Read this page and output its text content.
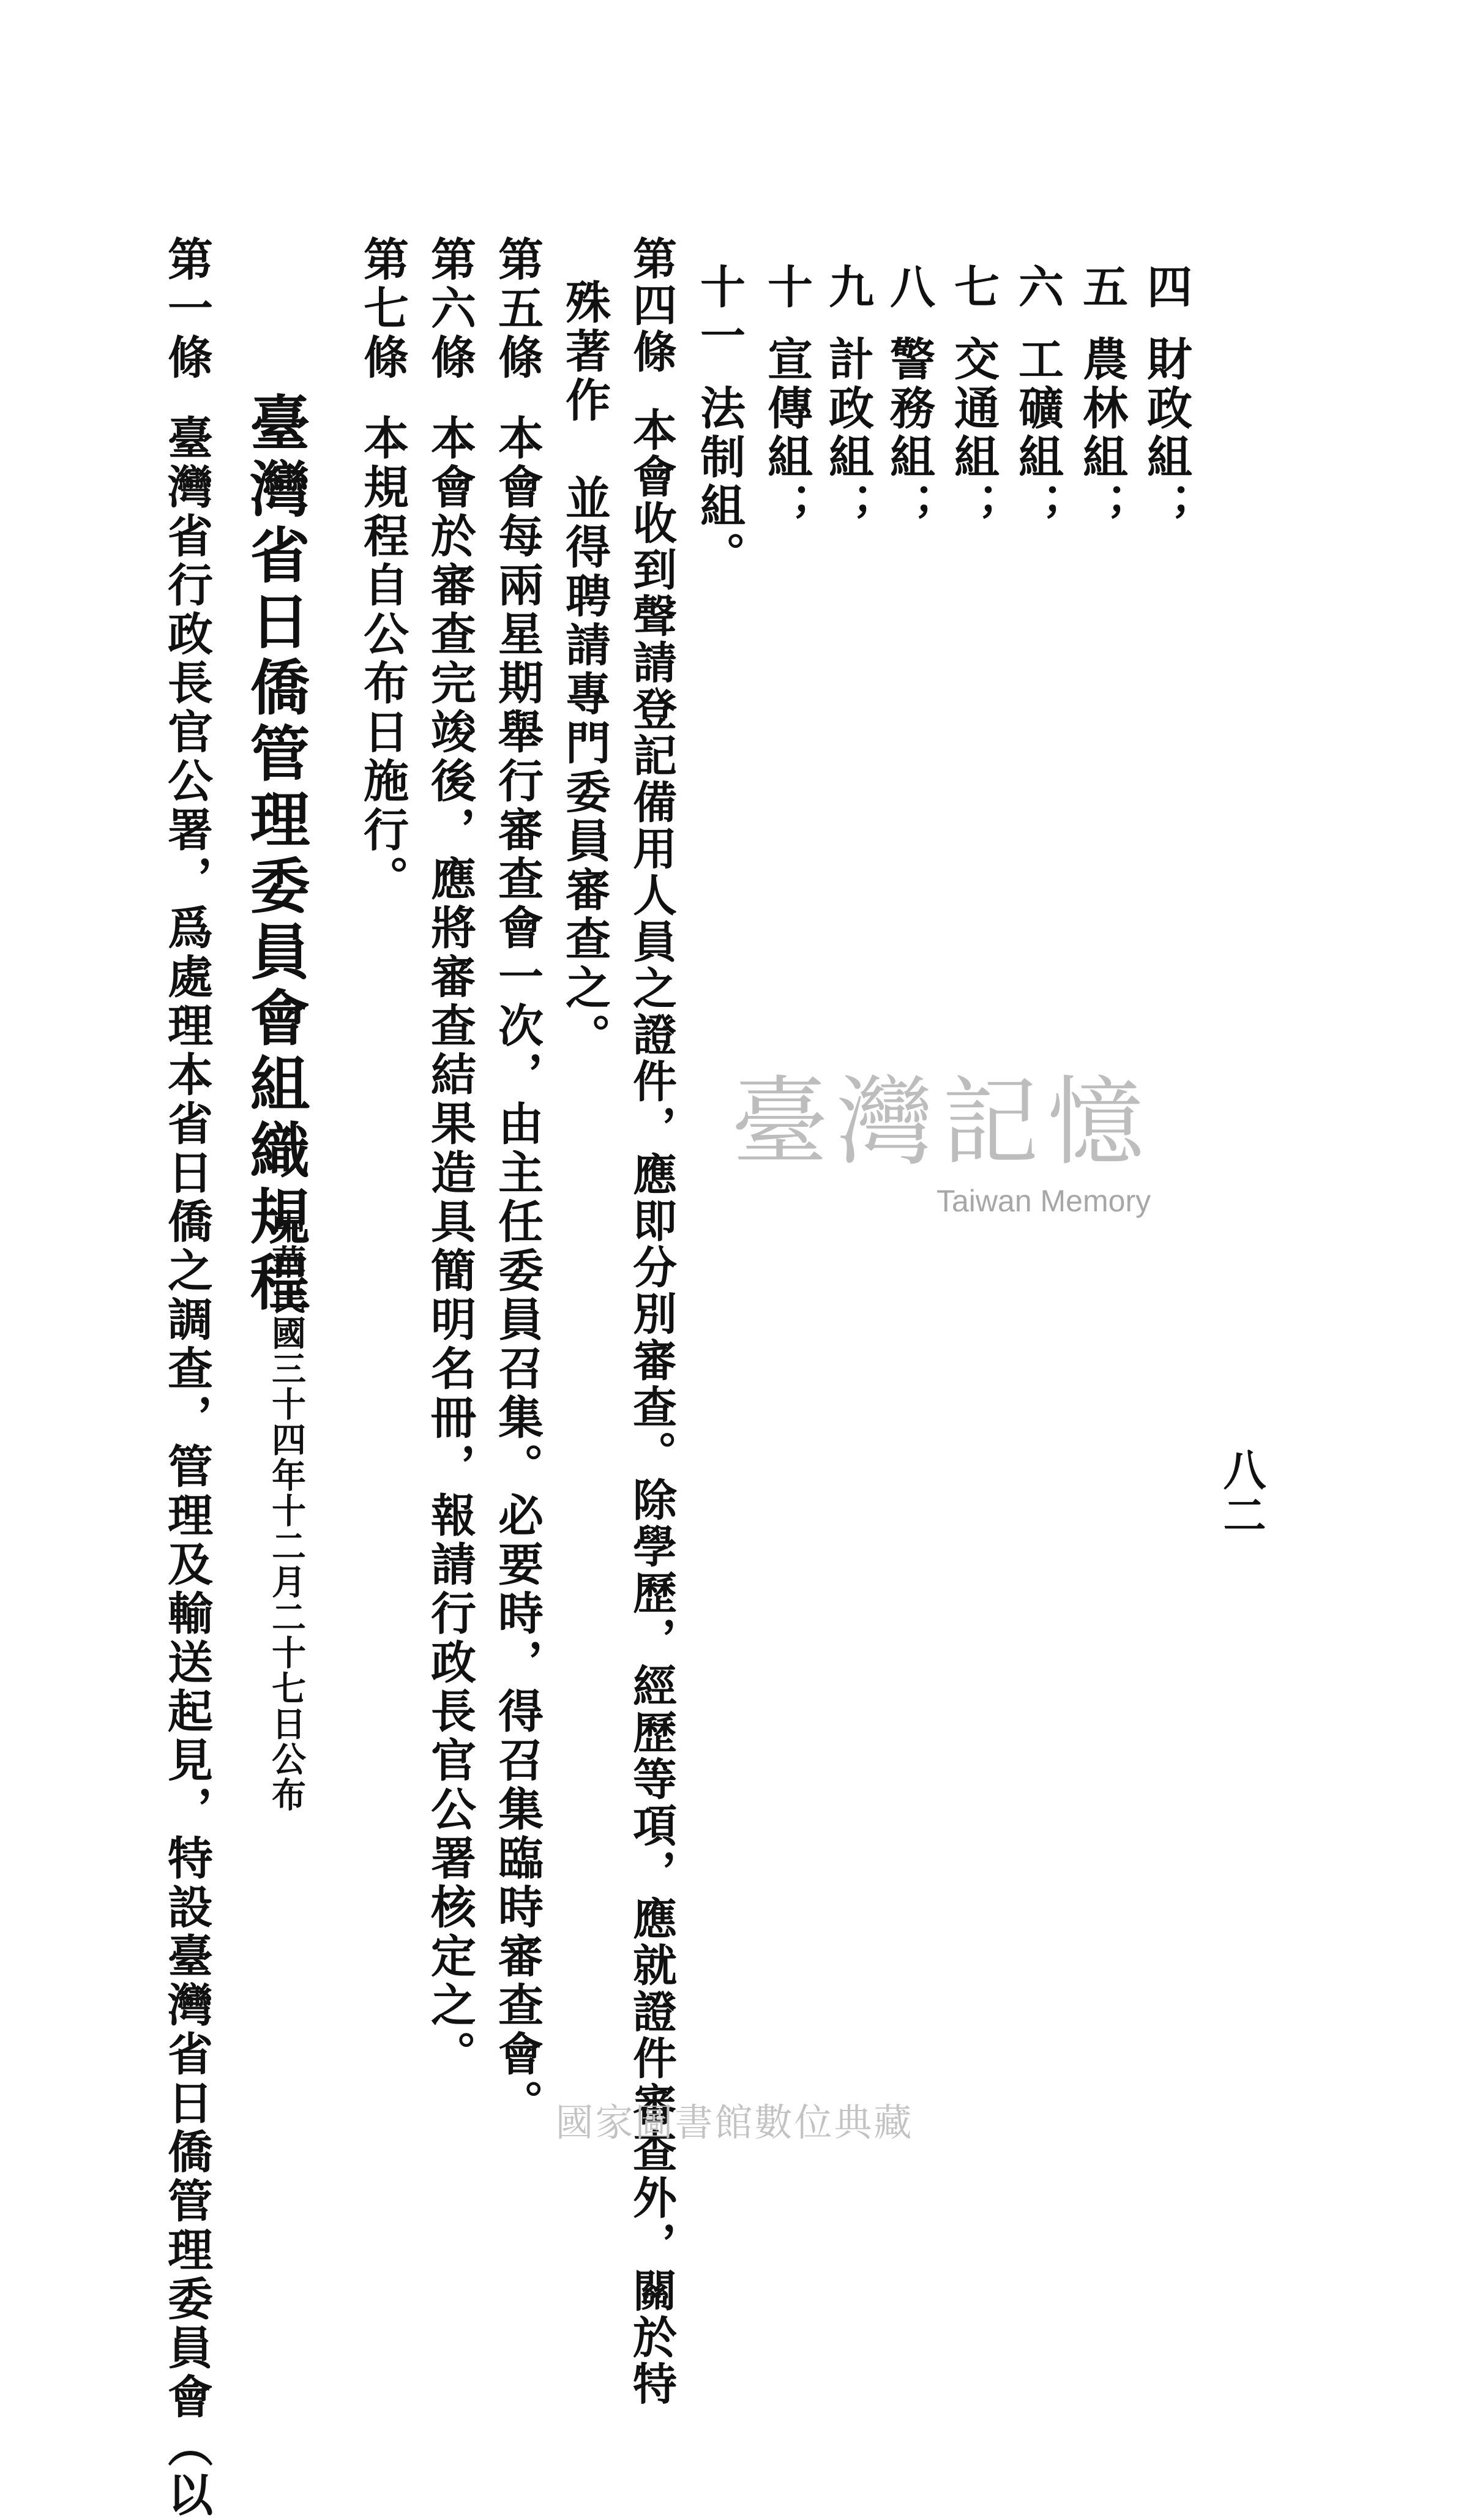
八二
四財政組；
五農林組；
六工礦組；
七交通組；
八警務組；
九計政組；
十宣傳組；
十一法制組。
第四條本會收到聲請登記備用人員之證件，應即分別審查。除學歷，經歷等項，應就證件審查外，關於特
殊著作　並得聘請專門委員審查之。
第五條本會每兩星期舉行審查會一次，由主任委員召集。必要時，得召集臨時審查會。
第六條本會於審查完竣後，應將審查結果造具簡明名冊，報請行政長官公署核定之。
第七條本規程自公布日施行。
臺灣省日僑管理委員會組織規程
中華民國三十四年十二月二十七日公布
第一條臺灣省行政長官公署，爲處理本省日僑之調查，管理及輸送起見，特設臺灣省日僑管理委員會（以	臺灣記憶
Taiwan Memory
國家圖書館數位典藏
